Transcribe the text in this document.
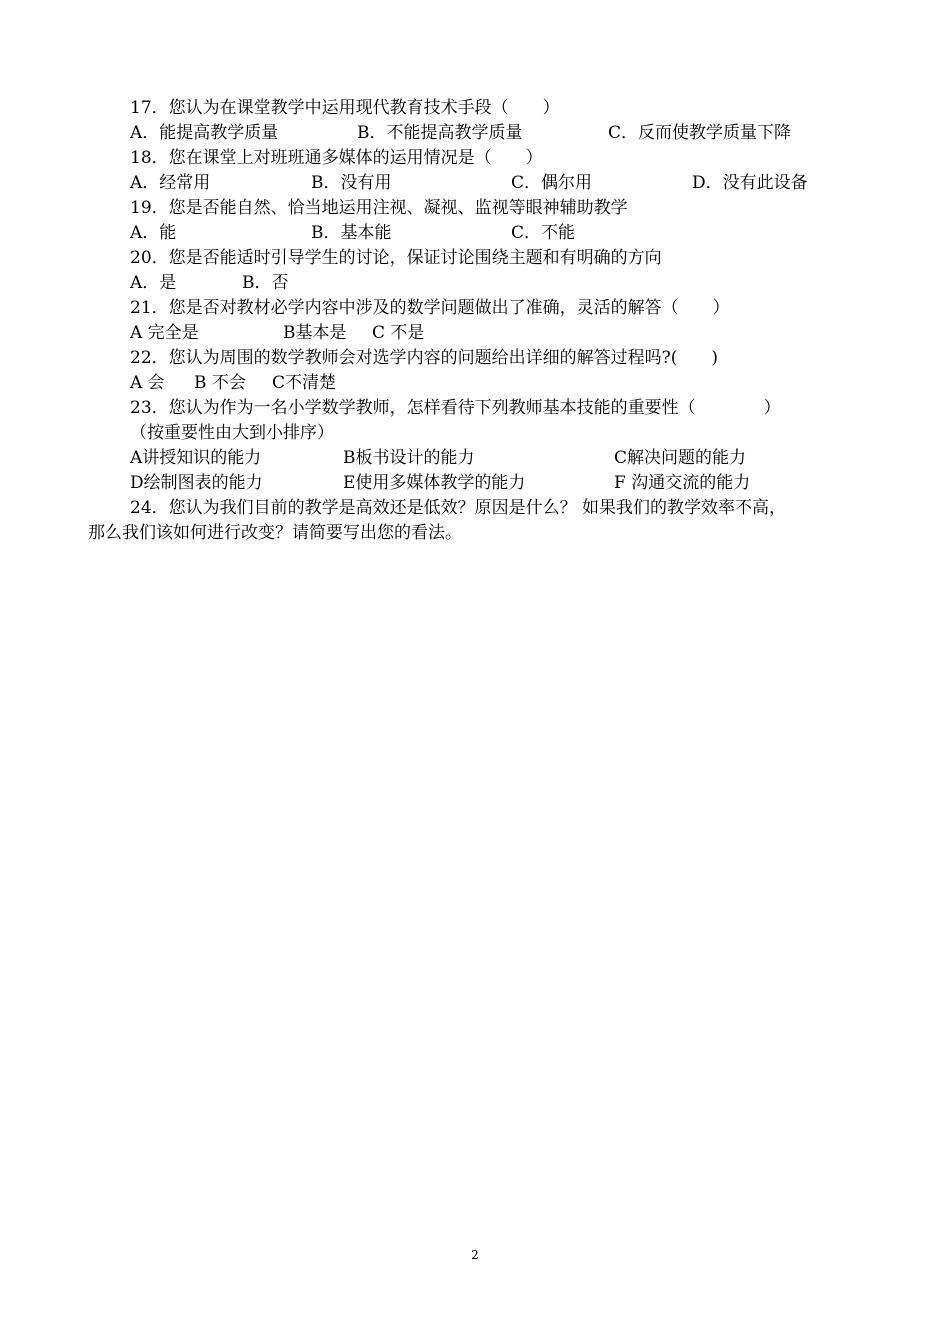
17．您认为在课堂教学中运用现代教育技术手段（　　）
A．能提高教学质量	B．不能提高教学质量	C．反而使教学质量下降
18．您在课堂上对班班通多媒体的运用情况是（　　）
A．经常用	B．没有用	C．偶尔用	D．没有此设备
19．您是否能自然、恰当地运用注视、凝视、监视等眼神辅助教学
A．能	B．基本能	C．不能
20．您是否能适时引导学生的讨论，保证讨论围绕主题和有明确的方向
A．是	B．否
21．您是否对教材必学内容中涉及的数学问题做出了准确，灵活的解答（　　）
A 完全是	B基本是 C 不是
22．您认为周围的数学教师会对选学内容的问题给出详细的解答过程吗?(　　)
A 会 B 不会 C不清楚
23．您认为作为一名小学数学教师，怎样看待下列教师基本技能的重要性（　　　　）
（按重要性由大到小排序）
A讲授知识的能力	B板书设计的能力	C解决问题的能力
D绘制图表的能力	E使用多媒体教学的能力	F 沟通交流的能力
24．您认为我们目前的教学是高效还是低效？原因是什么？ 如果我们的教学效率不高，
那么我们该如何进行改变？请简要写出您的看法。
2
